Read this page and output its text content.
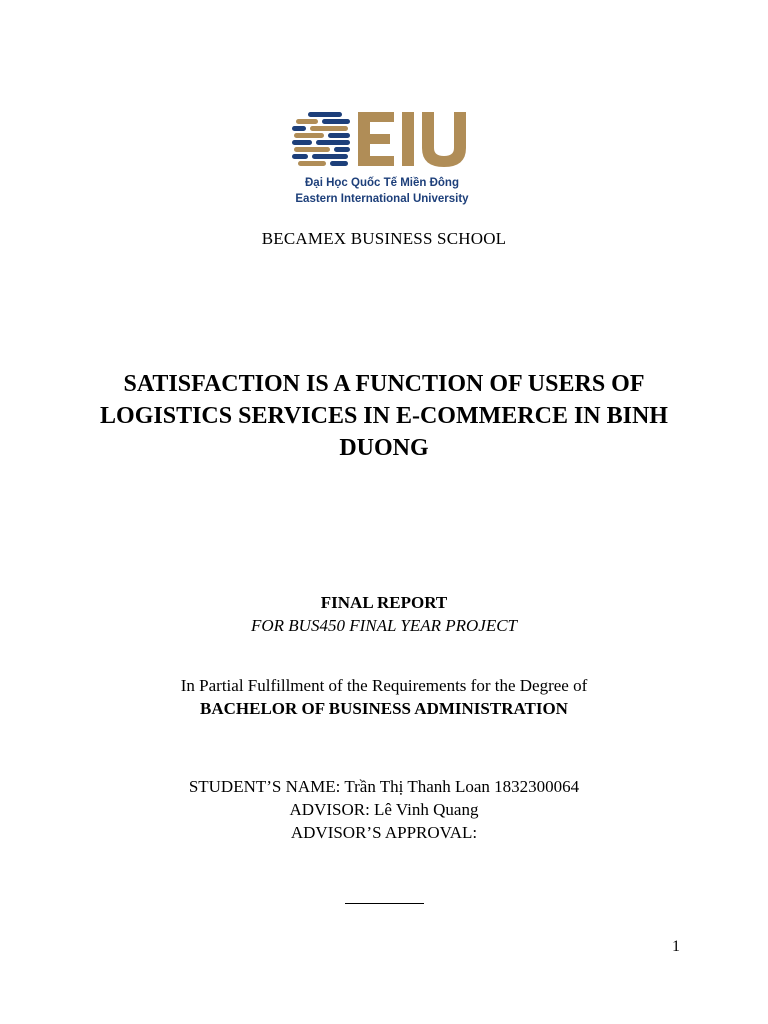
Đại Học Quốc Tế Miền Đông
Eastern International University
BECAMEX BUSINESS SCHOOL
SATISFACTION IS A FUNCTION OF USERS OF LOGISTICS SERVICES IN E-COMMERCE IN BINH DUONG
FINAL REPORT
FOR BUS450 FINAL YEAR PROJECT
In Partial Fulfillment of the Requirements for the Degree of
BACHELOR OF BUSINESS ADMINISTRATION
STUDENT’S NAME: Trần Thị Thanh Loan 1832300064
ADVISOR: Lê Vinh Quang
ADVISOR’S APPROVAL:
1
